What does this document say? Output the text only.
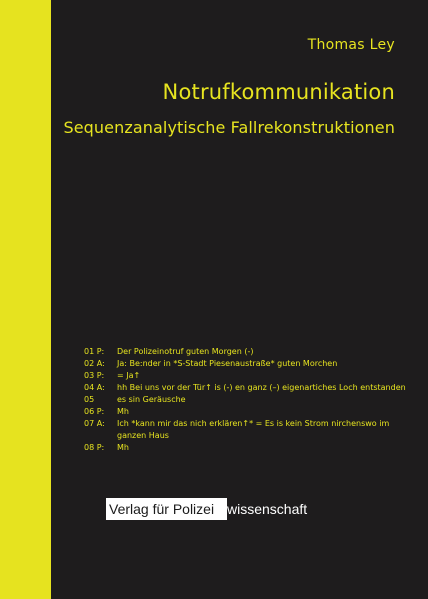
Thomas Ley
Notrufkommunikation
Sequenzanalytische Fallrekonstruktionen
01 P:	Der Polizeinotruf guten Morgen (-)
02 A:	Ja: Be:nder in *S-Stadt Piesenaustraße* guten Morchen
03 P:	= Ja↑
04 A:	hh Bei uns vor der Tür↑ is (-) en ganz (–) eigenartiches Loch entstanden
05	es sin Geräusche
06 P:	Mh
07 A:	Ich *kann mir das nich erklären↑* = Es is kein Strom nirchenswo im ganzen Haus
08 P:	Mh
Verlag für Polizei wissenschaft
